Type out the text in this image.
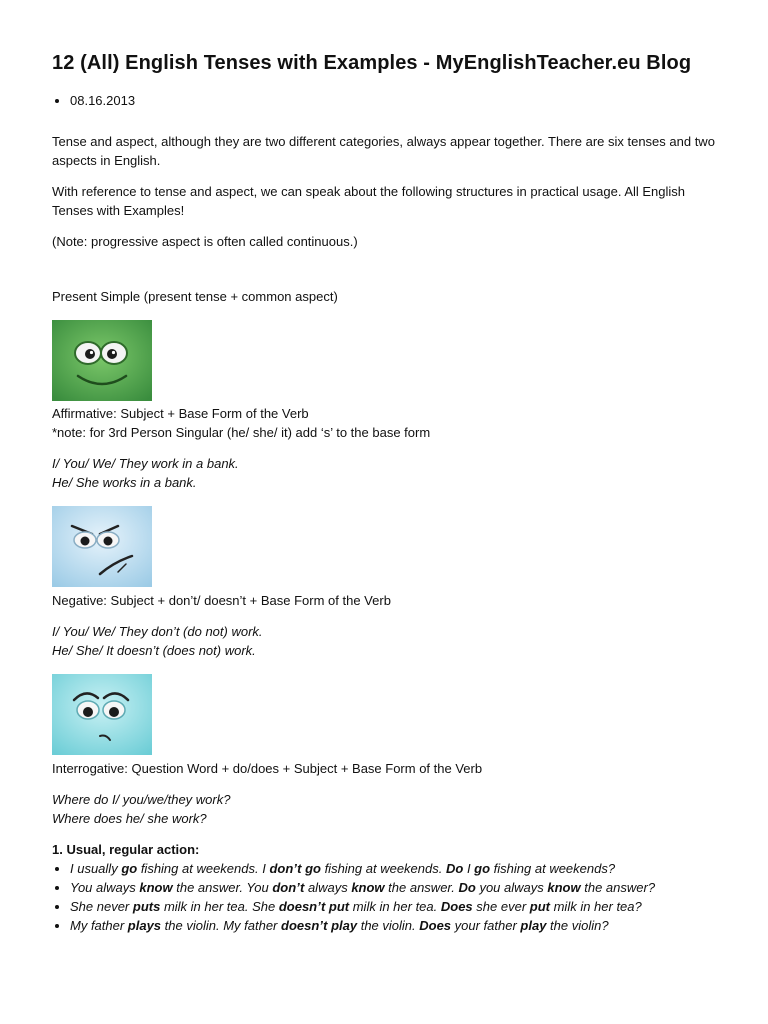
12 (All) English Tenses with Examples - MyEnglishTeacher.eu Blog
• 08.16.2013

Tense and aspect, although they are two different categories, always appear together. There are six tenses and two aspects in English.

With reference to tense and aspect, we can speak about the following structures in practical usage. All English Tenses with Examples!

(Note: progressive aspect is often called continuous.)

Present Simple (present tense + common aspect)

Affirmative: Subject + Base Form of the Verb

*note: for 3rd Person Singular (he/ she/ it) add ‘s’ to the base form

I/ You/ We/ They work in a bank.
He/ She works in a bank.

Negative: Subject + don’t/ doesn’t + Base Form of the Verb

I/ You/ We/ They don’t (do not) work.
He/ She/ It doesn’t (does not) work.

Interrogative: Question Word + do/does + Subject + Base Form of the Verb

Where do I/ you/we/they work?
Where does he/ she work?

1. Usual, regular action:

• I usually go fishing at weekends. I don’t go fishing at weekends. Do I go fishing at weekends?
• You always know the answer. You don’t always know the answer. Do you always know the answer?
• She never puts milk in her tea. She doesn’t put milk in her tea. Does she ever put milk in her tea?
• My father plays the violin. My father doesn’t play the violin. Does your father play the violin?
